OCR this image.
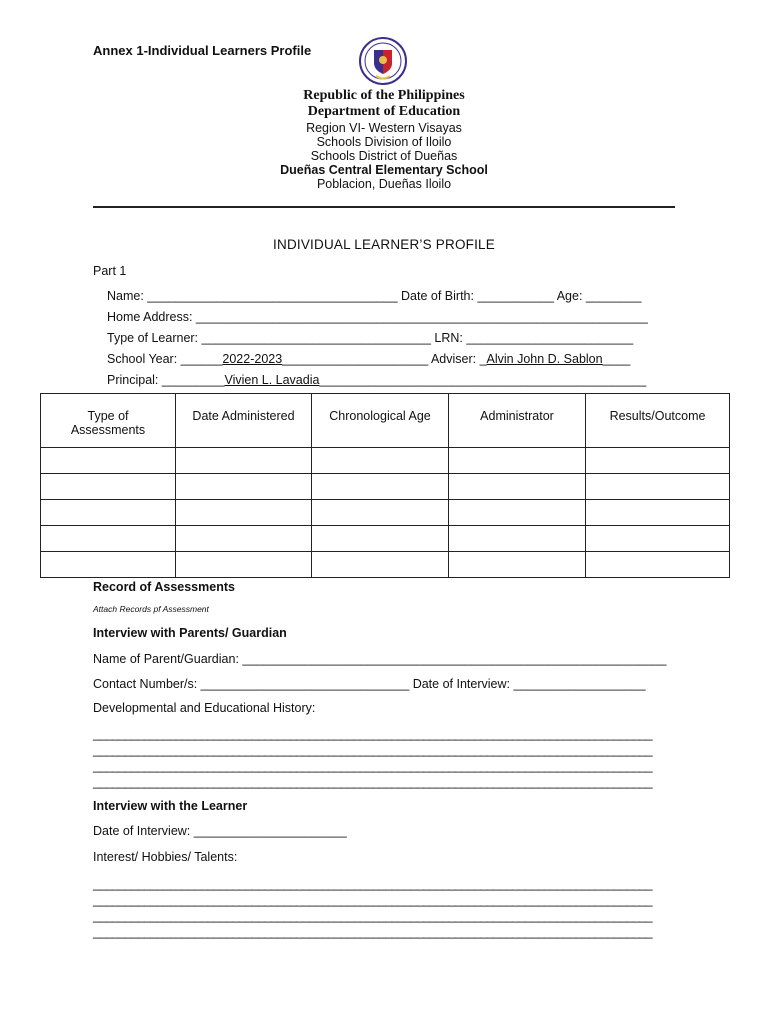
Annex 1-Individual Learners Profile
Republic of the Philippines
Department of Education
Region VI- Western Visayas
Schools Division of Iloilo
Schools District of Dueñas
Dueñas Central Elementary School
Poblacion, Dueñas Iloilo
INDIVIDUAL LEARNER’S PROFILE
Part 1
Name: ____________________________________ Date of Birth: ___________ Age: ________
Home Address: _________________________________________________________________
Type of Learner: _________________________________ LRN: ________________________
School Year: ______2022-2023_____________________ Adviser: _Alvin John D. Sablon____
Principal: _________Vivien L. Lavadia_______________________________________________
Type of Assessments	Date Administered	Chronological Age	Administrator	Results/Outcome

Record of Assessments
Attach Records pf Assessment
Interview with Parents/ Guardian
Name of Parent/Guardian: _____________________________________________________________
Contact Number/s: ______________________________ Date of Interview: ___________________
Developmental and Educational History:
________________________________________________________________________________________
________________________________________________________________________________________
________________________________________________________________________________________
________________________________________________________________________________________
Interview with the Learner
Date of Interview: ______________________
Interest/ Hobbies/ Talents:
________________________________________________________________________________________
________________________________________________________________________________________
________________________________________________________________________________________
________________________________________________________________________________________
